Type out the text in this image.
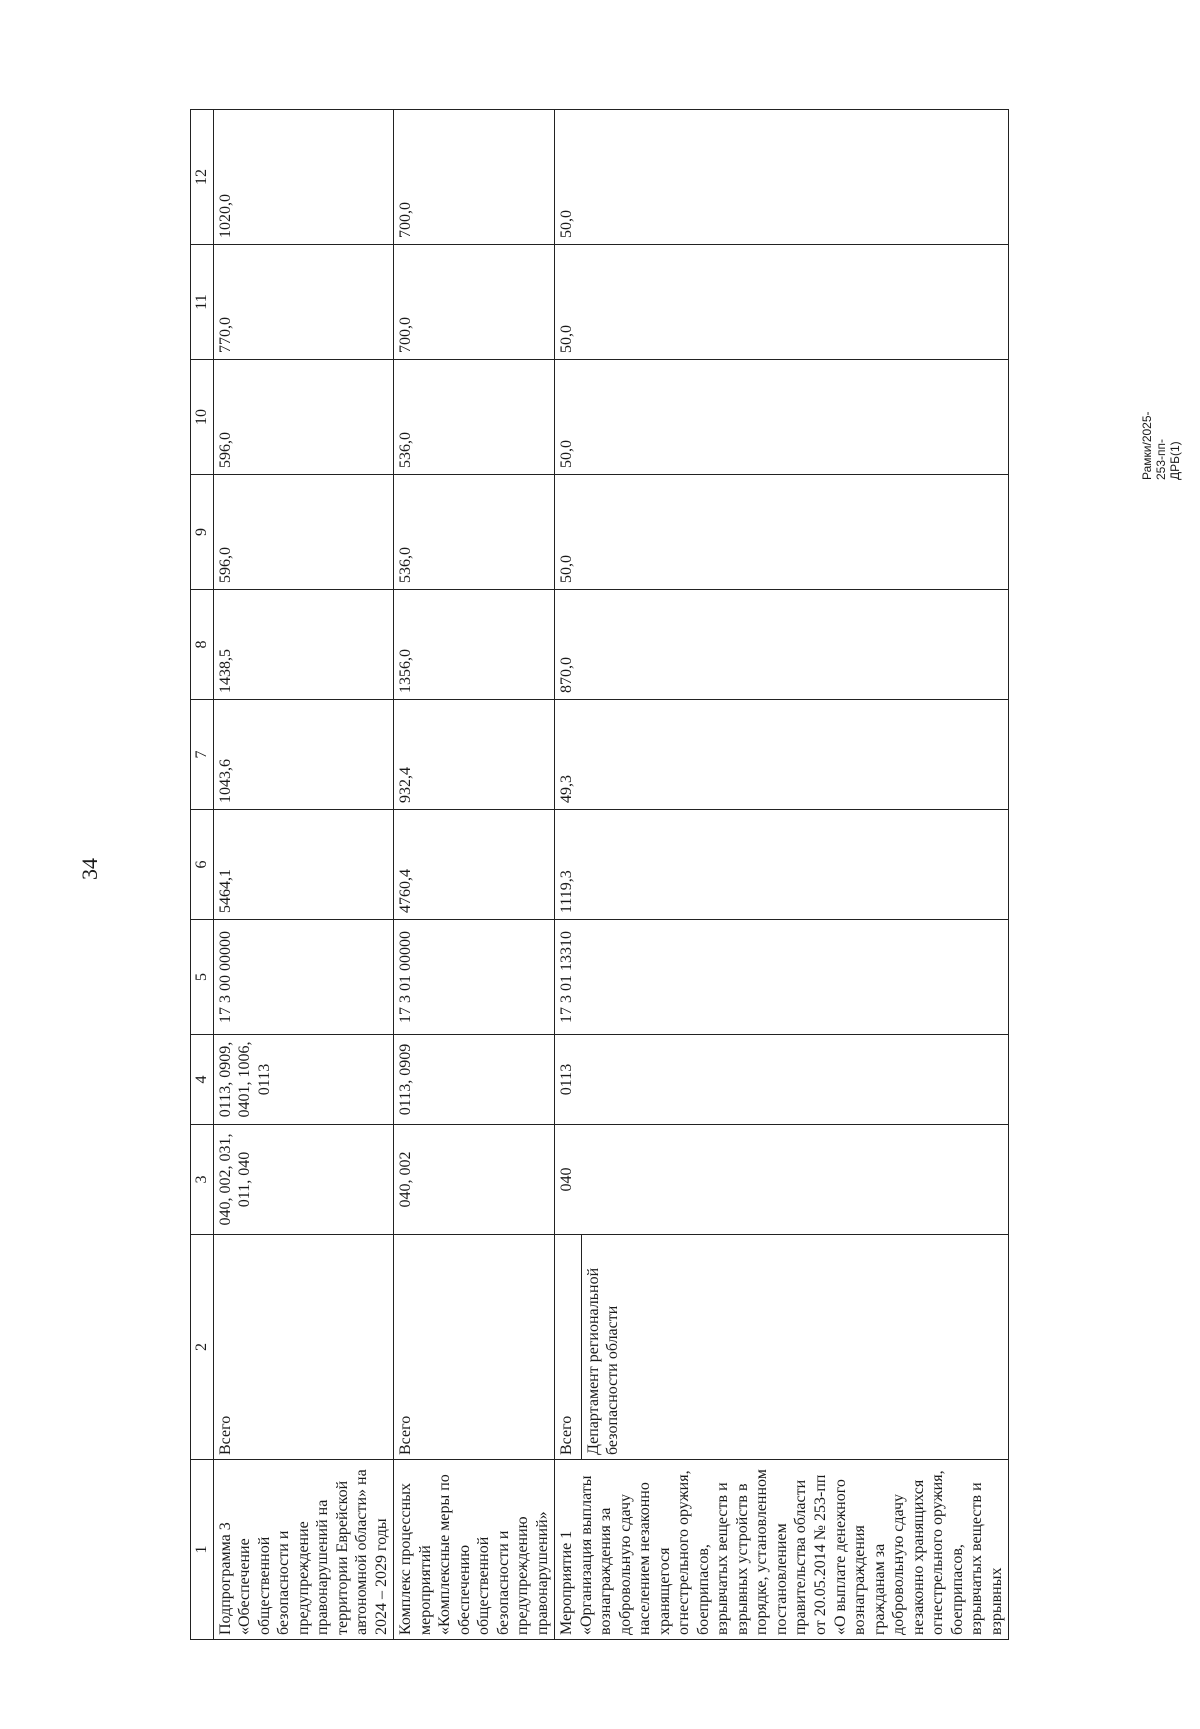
34
Рамки/2025-253-пп-ДРБ(1)
1	2	3	4	5	6	7	8	9	10	11	12
Подпрограмма 3 «Обеспечение общественной безопасности и предупреждение правонарушений на территории Еврейской автономной области» на 2024 – 2029 годы	Всего	040, 002, 031, 011, 040	0113, 0909, 0401, 1006, 0113	17 3 00 00000	5464,1	1043,6	1438,5	596,0	596,0	770,0	1020,0
Комплекс процессных мероприятий «Комплексные меры по обеспечению общественной безопасности и предупреждению правонарушений»	Всего	040, 002	0113, 0909	17 3 01 00000	4760,4	932,4	1356,0	536,0	536,0	700,0	700,0
Мероприятие 1 «Организация выплаты вознаграждения за добровольную сдачу населением незаконно хранящегося огнестрельного оружия, боеприпасов, взрывчатых веществ и взрывных устройств в порядке, установленном постановлением правительства области от 20.05.2014 № 253-пп «О выплате денежного вознаграждения гражданам за добровольную сдачу незаконно хранящихся огнестрельного оружия, боеприпасов, взрывчатых веществ и взрывных	Всего Департамент региональной безопасности области	040	0113	17 3 01 13310	1119,3	49,3	870,0	50,0	50,0	50,0	50,0
